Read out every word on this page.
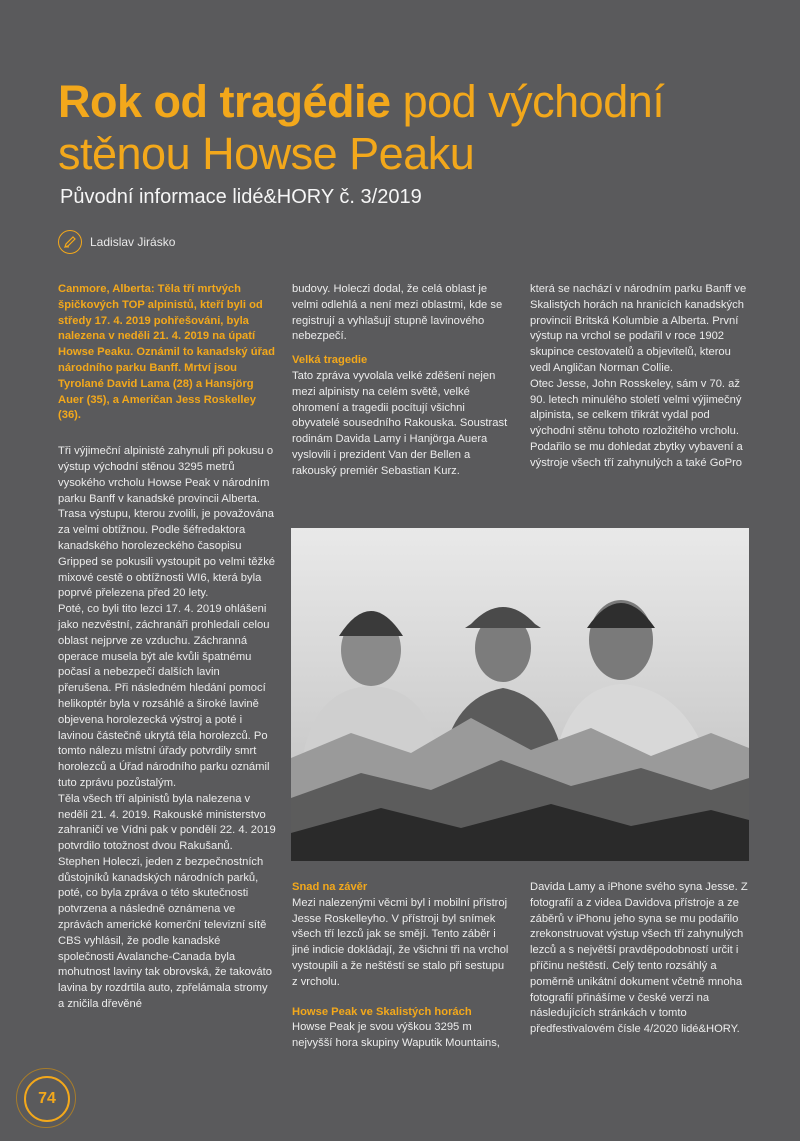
Rok od tragédie pod východní stěnou Howse Peaku
Původní informace lidé&HORY č. 3/2019
Ladislav Jirásko

Canmore, Alberta: Těla tří mrtvých špičkových TOP alpinistů, kteří byli od středy 17. 4. 2019 pohřešováni, byla nalezena v neděli 21. 4. 2019 na úpatí Howse Peaku. Oznámil to kanadský úřad národního parku Banff. Mrtví jsou Tyrolané David Lama (28) a Hansjörg Auer (35), a Američan Jess Roskelley (36).

Tři výjimeční alpinisté zahynuli při pokusu o výstup východní stěnou 3295 metrů vysokého vrcholu Howse Peak v národním parku Banff v kanadské provincii Alberta. Trasa výstupu, kterou zvolili, je považována za velmi obtížnou. Podle šéfredaktora kanadského horolezeckého časopisu Gripped se pokusili vystoupit po velmi těžké mixové cestě o obtížnosti WI6, která byla poprvé přelezena před 20 lety.

Poté, co byli tito lezci 17. 4. 2019 ohlášeni jako nezvěstní, záchranáři prohledali celou oblast nejprve ze vzduchu. Záchranná operace musela být ale kvůli špatnému počasí a nebezpečí dalších lavin přerušena. Při následném hledání pomocí helikoptér byla v rozsáhlé a široké lavině objevena horolezecká výstroj a poté i lavinou částečně ukrytá těla horolezců. Po tomto nálezu místní úřady potvrdily smrt horolezců a Úřad národního parku oznámil tuto zprávu pozůstalým.

Těla všech tří alpinistů byla nalezena v neděli 21. 4. 2019. Rakouské ministerstvo zahraničí ve Vídni pak v pondělí 22. 4. 2019 potvrdilo totožnost dvou Rakušanů.

Stephen Holeczi, jeden z bezpečnostních důstojníků kanadských národních parků, poté, co byla zpráva o této skutečnosti potvrzena a následně oznámena ve zprávách americké komerční televizní sítě CBS vyhlásil, že podle kanadské společnosti Avalanche-Canada byla mohutnost laviny tak obrovská, že takováto lavina by rozdrtila auto, zpřelámala stromy a zničila dřevěné

budovy. Holeczi dodal, že celá oblast je velmi odlehlá a není mezi oblastmi, kde se registrují a vyhlašují stupně lavinového nebezpečí.

Velká tragedie

Tato zpráva vyvolala velké zděšení nejen mezi alpinisty na celém světě, velké ohromení a tragedii pocítují všichni obyvatelé sousedního Rakouska. Soustrast rodinám Davida Lamy i Hanjörga Auera vyslovili i prezident Van der Bellen a rakouský premiér Sebastian Kurz.

která se nachází v národním parku Banff ve Skalistých horách na hranicích kanadských provincií Britská Kolumbie a Alberta. První výstup na vrchol se podařil v roce 1902 skupince cestovatelů a objevitelů, kterou vedl Angličan Norman Collie.

Otec Jesse, John Rosskeley, sám v 70. až 90. letech minulého století velmi výjimečný alpinista, se celkem třikrát vydal pod východní stěnu tohoto rozložitého vrcholu. Podařilo se mu dohledat zbytky vybavení a výstroje všech tří zahynulých a také GoPro

Snad na závěr

Mezi nalezenými věcmi byl i mobilní přístroj Jesse Roskelleyho. V přístroji byl snímek všech tří lezců jak se smějí. Tento záběr i jiné indicie dokládají, že všichni tři na vrchol vystoupili a že neštěstí se stalo při sestupu z vrcholu.

Howse Peak ve Skalistých horách

Howse Peak je svou výškou 3295 m nejvyšší hora skupiny Waputik Mountains,

Davida Lamy a iPhone svého syna Jesse. Z fotografií a z videa Davidova přístroje a ze záběrů v iPhonu jeho syna se mu podařilo zrekonstruovat výstup všech tří zahynulých lezců a s největší pravděpodobností určit i příčinu neštěstí. Celý tento rozsáhlý a poměrně unikátní dokument včetně mnoha fotografií přinášíme v české verzi na následujících stránkách v tomto předfestivalovém čísle 4/2020 lidé&HORY.

74
